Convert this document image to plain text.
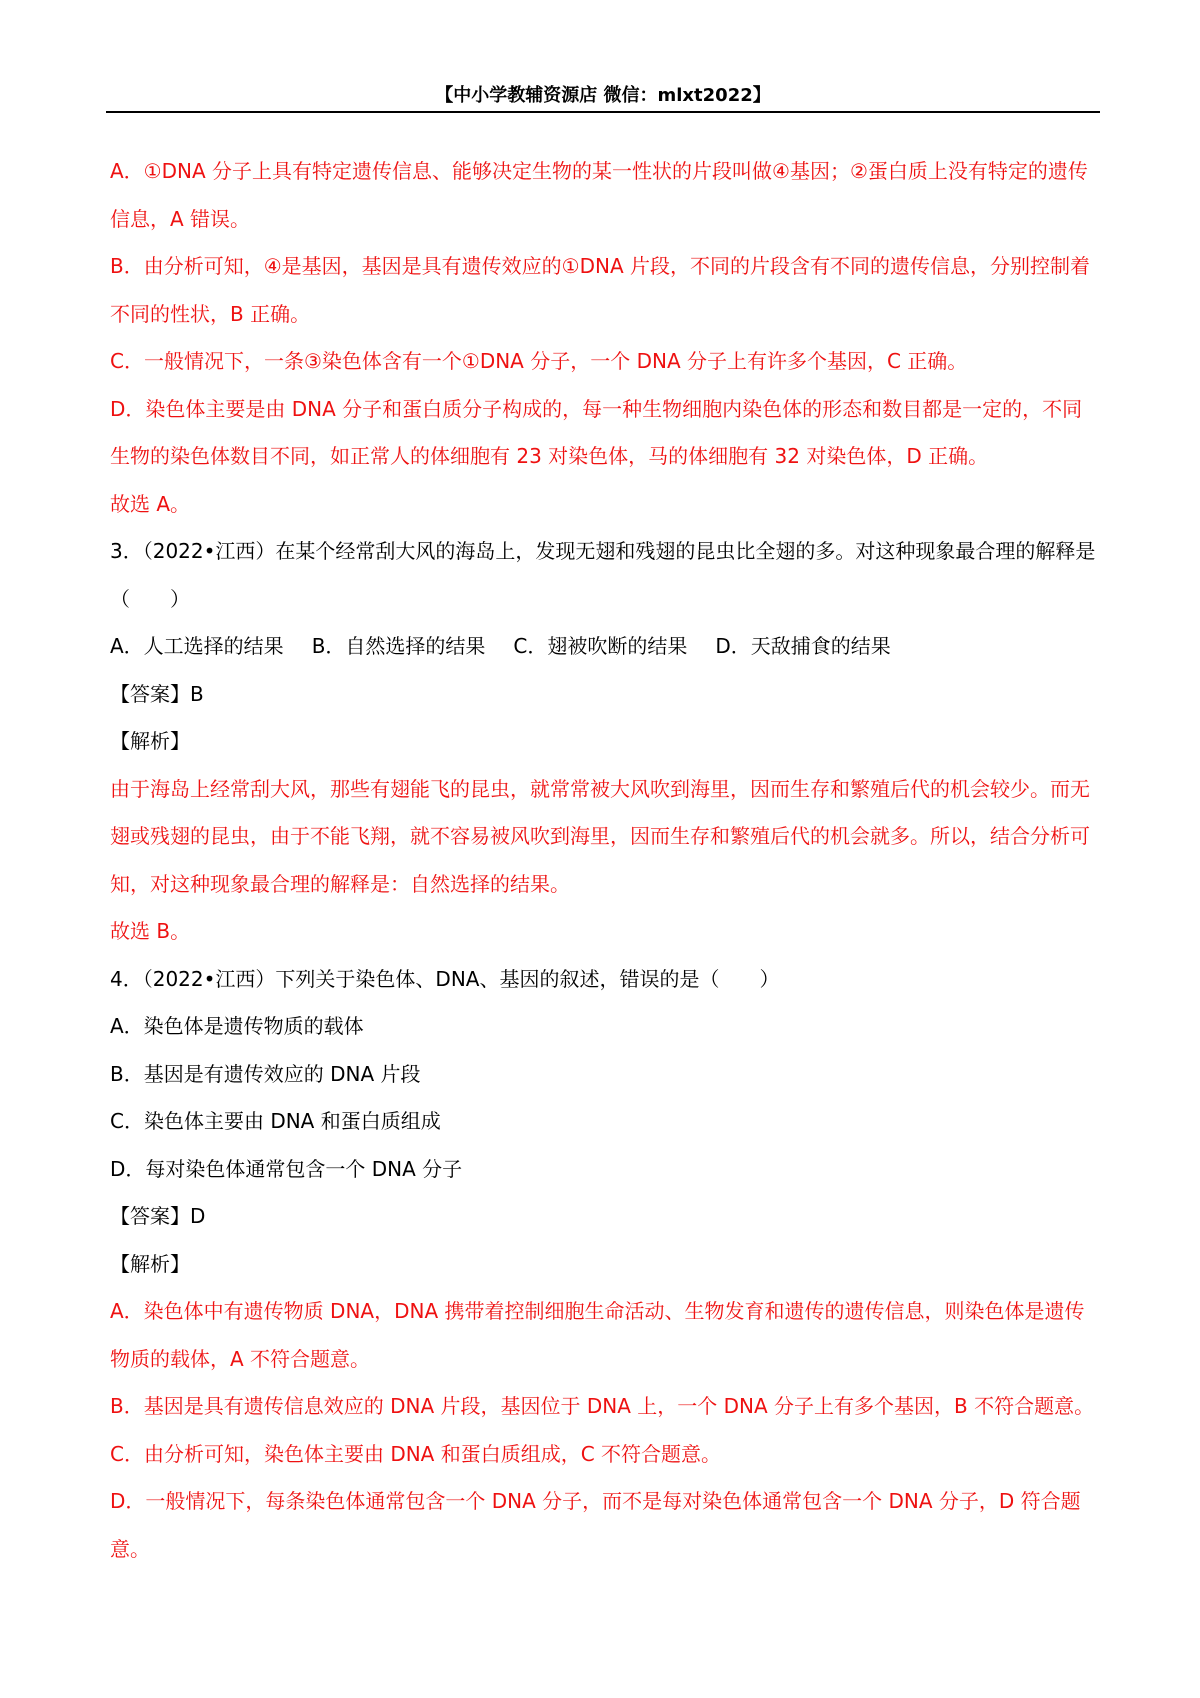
【中小学教辅资源店 微信：mlxt2022】

A．①DNA 分子上具有特定遗传信息、能够决定生物的某一性状的片段叫做④基因；②蛋白质上没有特定的遗传信息，A 错误。

B．由分析可知，④是基因，基因是具有遗传效应的①DNA 片段，不同的片段含有不同的遗传信息，分别控制着不同的性状，B 正确。

C．一般情况下，一条③染色体含有一个①DNA 分子，一个 DNA 分子上有许多个基因，C 正确。

D．染色体主要是由 DNA 分子和蛋白质分子构成的，每一种生物细胞内染色体的形态和数目都是一定的，不同生物的染色体数目不同，如正常人的体细胞有 23 对染色体，马的体细胞有 32 对染色体，D 正确。

故选 A。

3．（2022•江西）在某个经常刮大风的海岛上，发现无翅和残翅的昆虫比全翅的多。对这种现象最合理的解释是（　　）

A．人工选择的结果 B．自然选择的结果 C．翅被吹断的结果 D．天敌捕食的结果

【答案】B

【解析】

由于海岛上经常刮大风，那些有翅能飞的昆虫，就常常被大风吹到海里，因而生存和繁殖后代的机会较少。而无翅或残翅的昆虫，由于不能飞翔，就不容易被风吹到海里，因而生存和繁殖后代的机会就多。所以，结合分析可知，对这种现象最合理的解释是：自然选择的结果。

故选 B。

4．（2022•江西）下列关于染色体、DNA、基因的叙述，错误的是（　　）

A．染色体是遗传物质的载体

B．基因是有遗传效应的 DNA 片段

C．染色体主要由 DNA 和蛋白质组成

D．每对染色体通常包含一个 DNA 分子

【答案】D

【解析】

A．染色体中有遗传物质 DNA，DNA 携带着控制细胞生命活动、生物发育和遗传的遗传信息，则染色体是遗传物质的载体，A 不符合题意。

B．基因是具有遗传信息效应的 DNA 片段，基因位于 DNA 上，一个 DNA 分子上有多个基因，B 不符合题意。

C．由分析可知，染色体主要由 DNA 和蛋白质组成，C 不符合题意。

D．一般情况下，每条染色体通常包含一个 DNA 分子，而不是每对染色体通常包含一个 DNA 分子，D 符合题意。
